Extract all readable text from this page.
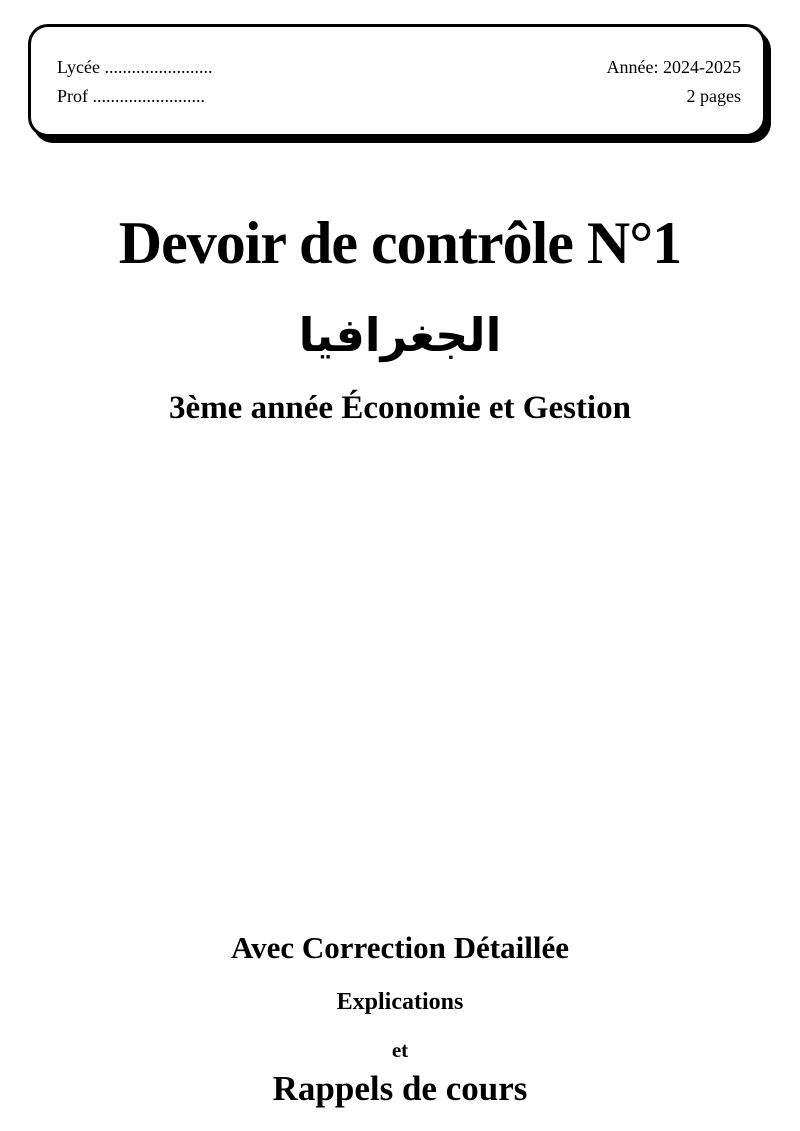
Lycée ........................
Prof .........................
Année: 2024-2025
2 pages
Devoir de contrôle N°1
الجغرافيا
3ème année Économie et Gestion
Avec Correction Détaillée
Explications
et
Rappels de cours
